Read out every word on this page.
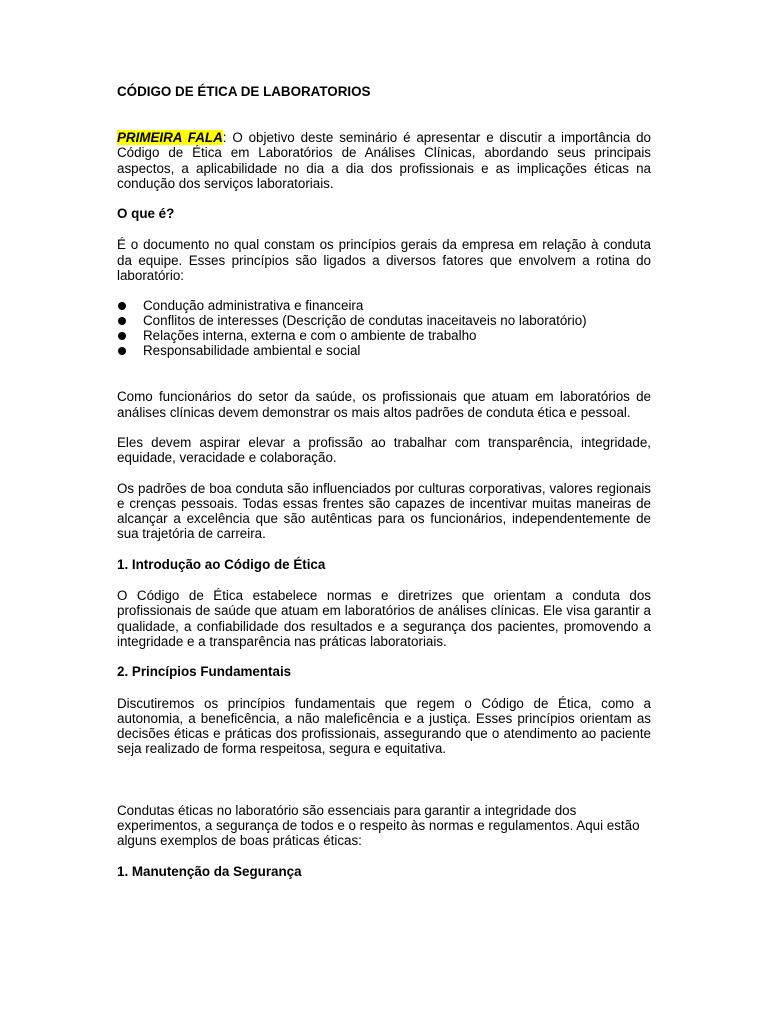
CÓDIGO DE ÉTICA DE LABORATORIOS

PRIMEIRA FALA: O objetivo deste seminário é apresentar e discutir a importância do Código de Ética em Laboratórios de Análises Clínicas, abordando seus principais aspectos, a aplicabilidade no dia a dia dos profissionais e as implicações éticas na condução dos serviços laboratoriais.

O que é?

É o documento no qual constam os princípios gerais da empresa em relação à conduta da equipe. Esses princípios são ligados a diversos fatores que envolvem a rotina do laboratório:

Condução administrativa e financeira
Conflitos de interesses (Descrição de condutas inaceitaveis no laboratório)
Relações interna, externa e com o ambiente de trabalho
Responsabilidade ambiental e social

Como funcionários do setor da saúde, os profissionais que atuam em laboratórios de análises clínicas devem demonstrar os mais altos padrões de conduta ética e pessoal.

Eles devem aspirar elevar a profissão ao trabalhar com transparência, integridade, equidade, veracidade e colaboração.

Os padrões de boa conduta são influenciados por culturas corporativas, valores regionais e crenças pessoais. Todas essas frentes são capazes de incentivar muitas maneiras de alcançar a excelência que são autênticas para os funcionários, independentemente de sua trajetória de carreira.

1. Introdução ao Código de Ética

O Código de Ética estabelece normas e diretrizes que orientam a conduta dos profissionais de saúde que atuam em laboratórios de análises clínicas. Ele visa garantir a qualidade, a confiabilidade dos resultados e a segurança dos pacientes, promovendo a integridade e a transparência nas práticas laboratoriais.

2. Princípios Fundamentais

Discutiremos os princípios fundamentais que regem o Código de Ética, como a autonomia, a beneficência, a não maleficência e a justiça. Esses princípios orientam as decisões éticas e práticas dos profissionais, assegurando que o atendimento ao paciente seja realizado de forma respeitosa, segura e equitativa.

Condutas éticas no laboratório são essenciais para garantir a integridade dos experimentos, a segurança de todos e o respeito às normas e regulamentos. Aqui estão alguns exemplos de boas práticas éticas:

1. Manutenção da Segurança
